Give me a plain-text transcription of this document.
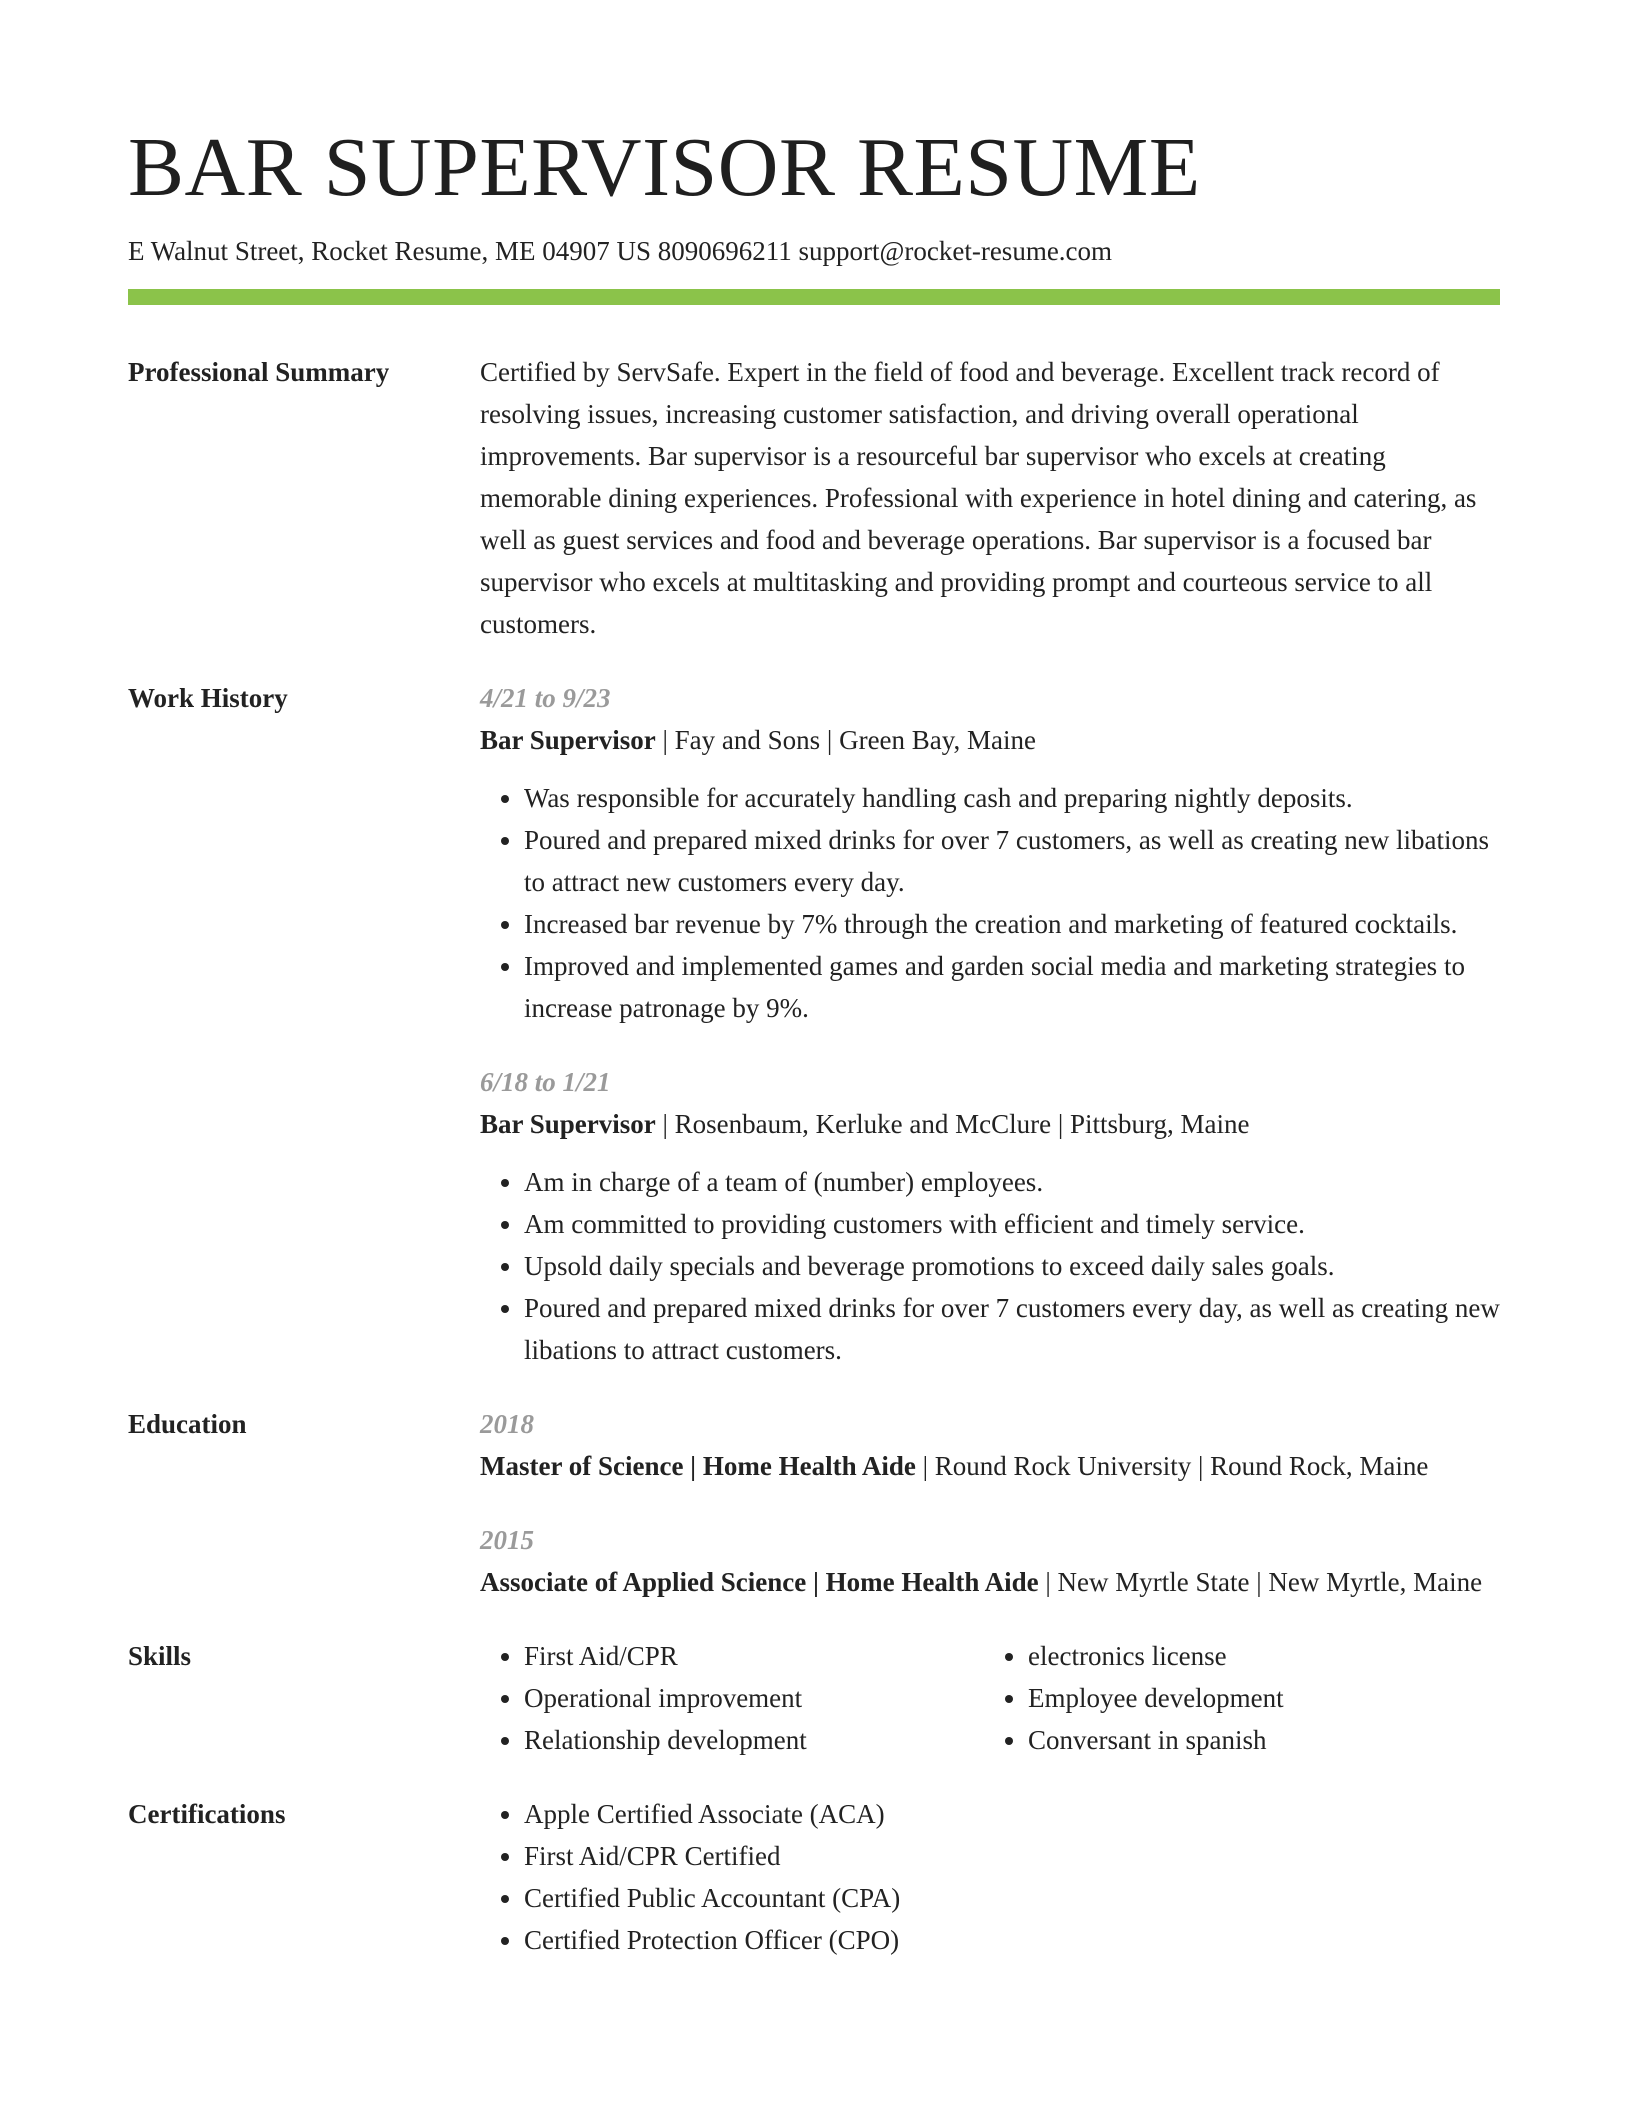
BAR SUPERVISOR RESUME
E Walnut Street, Rocket Resume, ME 04907 US 8090696211 support@rocket-resume.com
Professional Summary	Certified by ServSafe. Expert in the field of food and beverage. Excellent track record of resolving issues, increasing customer satisfaction, and driving overall operational improvements. Bar supervisor is a resourceful bar supervisor who excels at creating memorable dining experiences. Professional with experience in hotel dining and catering, as well as guest services and food and beverage operations. Bar supervisor is a focused bar supervisor who excels at multitasking and providing prompt and courteous service to all customers.

Work History	4/21 to 9/23
Bar Supervisor | Fay and Sons | Green Bay, Maine
• Was responsible for accurately handling cash and preparing nightly deposits.
• Poured and prepared mixed drinks for over 7 customers, as well as creating new libations to attract new customers every day.
• Increased bar revenue by 7% through the creation and marketing of featured cocktails.
• Improved and implemented games and garden social media and marketing strategies to increase patronage by 9%.
6/18 to 1/21
Bar Supervisor | Rosenbaum, Kerluke and McClure | Pittsburg, Maine
• Am in charge of a team of (number) employees.
• Am committed to providing customers with efficient and timely service.
• Upsold daily specials and beverage promotions to exceed daily sales goals.
• Poured and prepared mixed drinks for over 7 customers every day, as well as creating new libations to attract customers.
Education	2018
Master of Science | Home Health Aide | Round Rock University | Round Rock, Maine
2015
Associate of Applied Science | Home Health Aide | New Myrtle State | New Myrtle, Maine
Skills	• First Aid/CPR
• Operational improvement
• Relationship development
• electronics license
• Employee development
• Conversant in spanish
Certifications	• Apple Certified Associate (ACA)
• First Aid/CPR Certified
• Certified Public Accountant (CPA)
• Certified Protection Officer (CPO)
